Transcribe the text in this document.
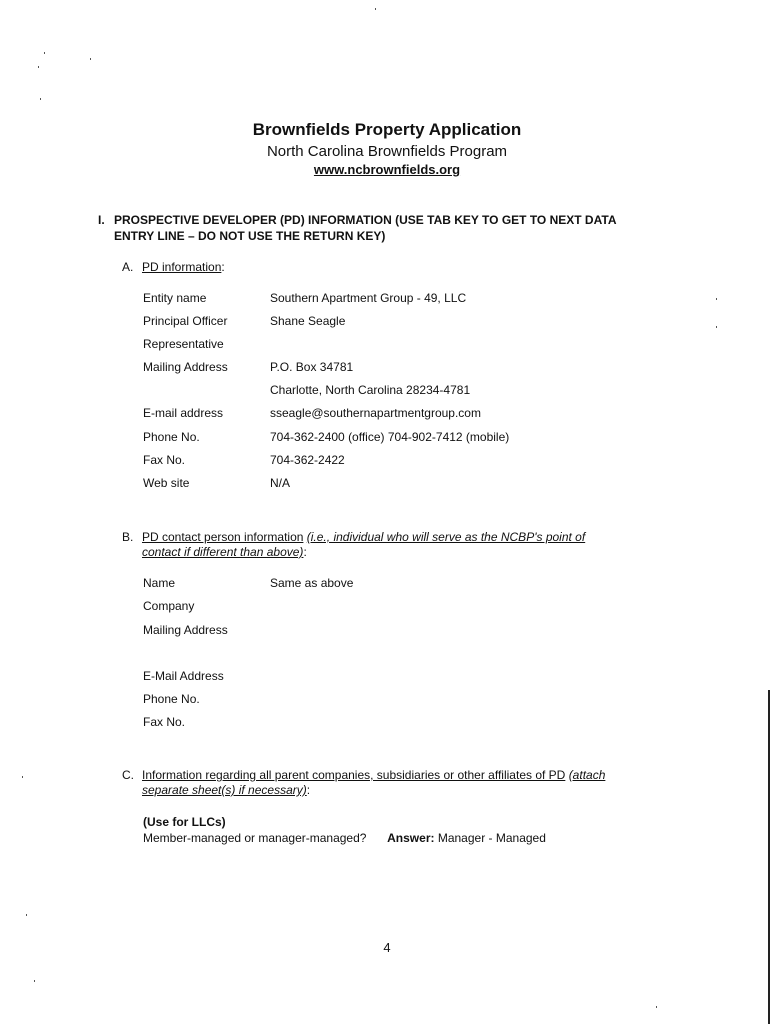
Brownfields Property Application
North Carolina Brownfields Program
www.ncbrownfields.org
I. PROSPECTIVE DEVELOPER (PD) INFORMATION (USE TAB KEY TO GET TO NEXT DATA ENTRY LINE – DO NOT USE THE RETURN KEY)
A. PD information:
Entity name	Southern Apartment Group - 49, LLC
Principal Officer	Shane Seagle
Representative
Mailing Address	P.O. Box 34781
Charlotte, North Carolina 28234-4781
E-mail address	sseagle@southernapartmentgroup.com
Phone No.	704-362-2400 (office) 704-902-7412 (mobile)
Fax No.	704-362-2422
Web site	N/A
B. PD contact person information (i.e., individual who will serve as the NCBP's point of contact if different than above):
Name	Same as above
Company
Mailing Address
E-Mail Address
Phone No.
Fax No.
C. Information regarding all parent companies, subsidiaries or other affiliates of PD (attach separate sheet(s) if necessary):
(Use for LLCs)
Member-managed or manager-managed? Answer: Manager - Managed
4
